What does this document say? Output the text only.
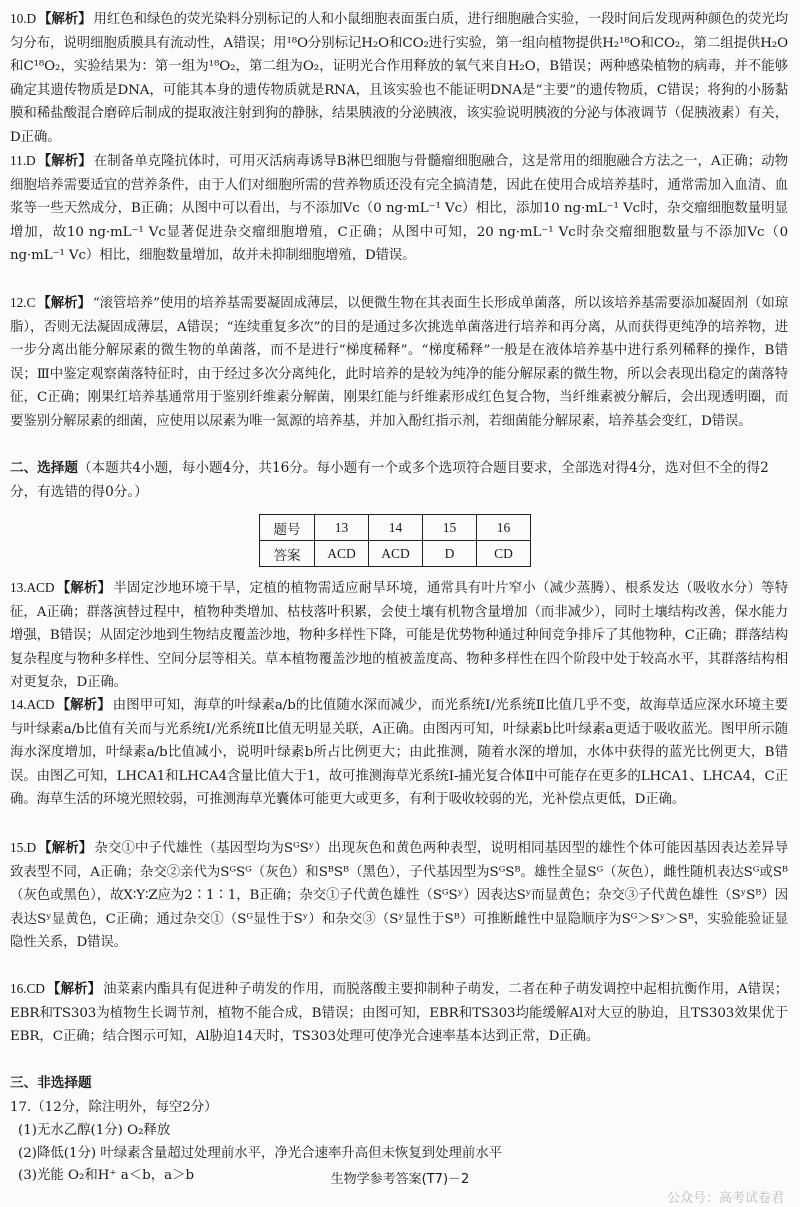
10.D 【解析】 用红色和绿色的荧光染料分别标记的人和小鼠细胞表面蛋白质，进行细胞融合实验，一段时间后发现两种颜色的荧光均匀分布，说明细胞质膜具有流动性，A错误；用¹⁸O分别标记H₂O和CO₂进行实验，第一组向植物提供H₂¹⁸O和CO₂，第二组提供H₂O和C¹⁸O₂，实验结果为：第一组为¹⁸O₂，第二组为O₂，证明光合作用释放的氧气来自H₂O，B错误；两种感染植物的病毒，并不能够确定其遗传物质是DNA，可能其本身的遗传物质就是RNA，且该实验也不能证明DNA是“主要”的遗传物质，C错误；将狗的小肠黏膜和稀盐酸混合磨碎后制成的提取液注射到狗的静脉，结果胰液的分泌胰液，该实验说明胰液的分泌与体液调节（促胰液素）有关，D正确。
11.D 【解析】 在制备单克隆抗体时，可用灭活病毒诱导B淋巴细胞与骨髓瘤细胞融合，这是常用的细胞融合方法之一，A正确；动物细胞培养需要适宜的营养条件，由于人们对细胞所需的营养物质还没有完全搞清楚，因此在使用合成培养基时，通常需加入血清、血浆等一些天然成分，B正确；从图中可以看出，与不添加Vc（0 ng·mL⁻¹ Vc）相比，添加10 ng·mL⁻¹ Vc时，杂交瘤细胞数量明显增加，故10 ng·mL⁻¹ Vc显著促进杂交瘤细胞增殖，C正确；从图中可知，20 ng·mL⁻¹ Vc时杂交瘤细胞数量与不添加Vc（0 ng·mL⁻¹ Vc）相比，细胞数量增加，故并未抑制细胞增殖，D错误。
12.C 【解析】 “滚管培养”使用的培养基需要凝固成薄层，以便微生物在其表面生长形成单菌落，所以该培养基需要添加凝固剂（如琼脂），否则无法凝固成薄层，A错误；“连续重复多次”的目的是通过多次挑选单菌落进行培养和再分离，从而获得更纯净的培养物，进一步分离出能分解尿素的微生物的单菌落，而不是进行“梯度稀释”。“梯度稀释”一般是在液体培养基中进行系列稀释的操作，B错误；Ⅲ中鉴定观察菌落特征时，由于经过多次分离纯化，此时培养的是较为纯净的能分解尿素的微生物，所以会表现出稳定的菌落特征，C正确；刚果红培养基通常用于鉴别纤维素分解菌，刚果红能与纤维素形成红色复合物，当纤维素被分解后，会出现透明圈，而要鉴别分解尿素的细菌，应使用以尿素为唯一氮源的培养基，并加入酚红指示剂，若细菌能分解尿素，培养基会变红，D错误。
二、选择题（本题共4小题，每小题4分，共16分。每小题有一个或多个选项符合题目要求，全部选对得4分，选对但不全的得2分，有选错的得0分。）
题号	13	14	15	16
答案	ACD	ACD	D	CD
13.ACD 【解析】 半固定沙地环境干旱，定植的植物需适应耐旱环境，通常具有叶片窄小（减少蒸腾）、根系发达（吸收水分）等特征，A正确；群落演替过程中，植物种类增加、枯枝落叶积累，会使土壤有机物含量增加（而非减少），同时土壤结构改善，保水能力增强，B错误；从固定沙地到生物结皮覆盖沙地，物种多样性下降，可能是优势物种通过种间竞争排斥了其他物种，C正确；群落结构复杂程度与物种多样性、空间分层等相关。草本植物覆盖沙地的植被盖度高、物种多样性在四个阶段中处于较高水平，其群落结构相对更复杂，D正确。
14.ACD 【解析】 由图甲可知，海草的叶绿素a/b的比值随水深而减少，而光系统Ⅰ/光系统Ⅱ比值几乎不变，故海草适应深水环境主要与叶绿素a/b比值有关而与光系统Ⅰ/光系统Ⅱ比值无明显关联，A正确。由图丙可知，叶绿素b比叶绿素a更适于吸收蓝光。图甲所示随海水深度增加，叶绿素a/b比值减小，说明叶绿素b所占比例更大；由此推测，随着水深的增加，水体中获得的蓝光比例更大，B错误。由图乙可知，LHCA1和LHCA4含量比值大于1，故可推测海草光系统Ⅰ-捕光复合体Ⅱ中可能存在更多的LHCA1、LHCA4，C正确。海草生活的环境光照较弱，可推测海草光囊体可能更大或更多，有利于吸收较弱的光，光补偿点更低，D正确。
15.D 【解析】 杂交①中子代雄性（基因型均为SᴳSʸ）出现灰色和黄色两种表型，说明相同基因型的雄性个体可能因基因表达差异导致表型不同，A正确；杂交②亲代为SᴳSᴳ（灰色）和SᴮSᴮ（黑色），子代基因型为SᴳSᴮ。雄性全显Sᴳ（灰色），雌性随机表达Sᴳ或Sᴮ（灰色或黑色），故X∶Y∶Z应为2∶1∶1，B正确；杂交①子代黄色雄性（SᴳSʸ）因表达Sʸ而显黄色；杂交③子代黄色雄性（SʸSᴮ）因表达Sʸ显黄色，C正确；通过杂交①（Sᴳ显性于Sʸ）和杂交③（Sʸ显性于Sᴮ）可推断雌性中显隐顺序为Sᴳ＞Sʸ＞Sᴮ，实验能验证显隐性关系，D错误。
16.CD 【解析】 油菜素内酯具有促进种子萌发的作用，而脱落酸主要抑制种子萌发，二者在种子萌发调控中起相抗衡作用，A错误；EBR和TS303为植物生长调节剂，植物不能合成，B错误；由图可知，EBR和TS303均能缓解Al对大豆的胁迫，且TS303效果优于EBR，C正确；结合图示可知，Al胁迫14天时，TS303处理可使净光合速率基本达到正常，D正确。
三、非选择题
17.（12分，除注明外，每空2分）
(1)无水乙醇(1分) O₂释放
(2)降低(1分) 叶绿素含量超过处理前水平，净光合速率升高但未恢复到处理前水平
(3)光能 O₂和H⁺ a＜b，a＞b	生物学参考答案(T7)－2
公众号：高考试卷君
